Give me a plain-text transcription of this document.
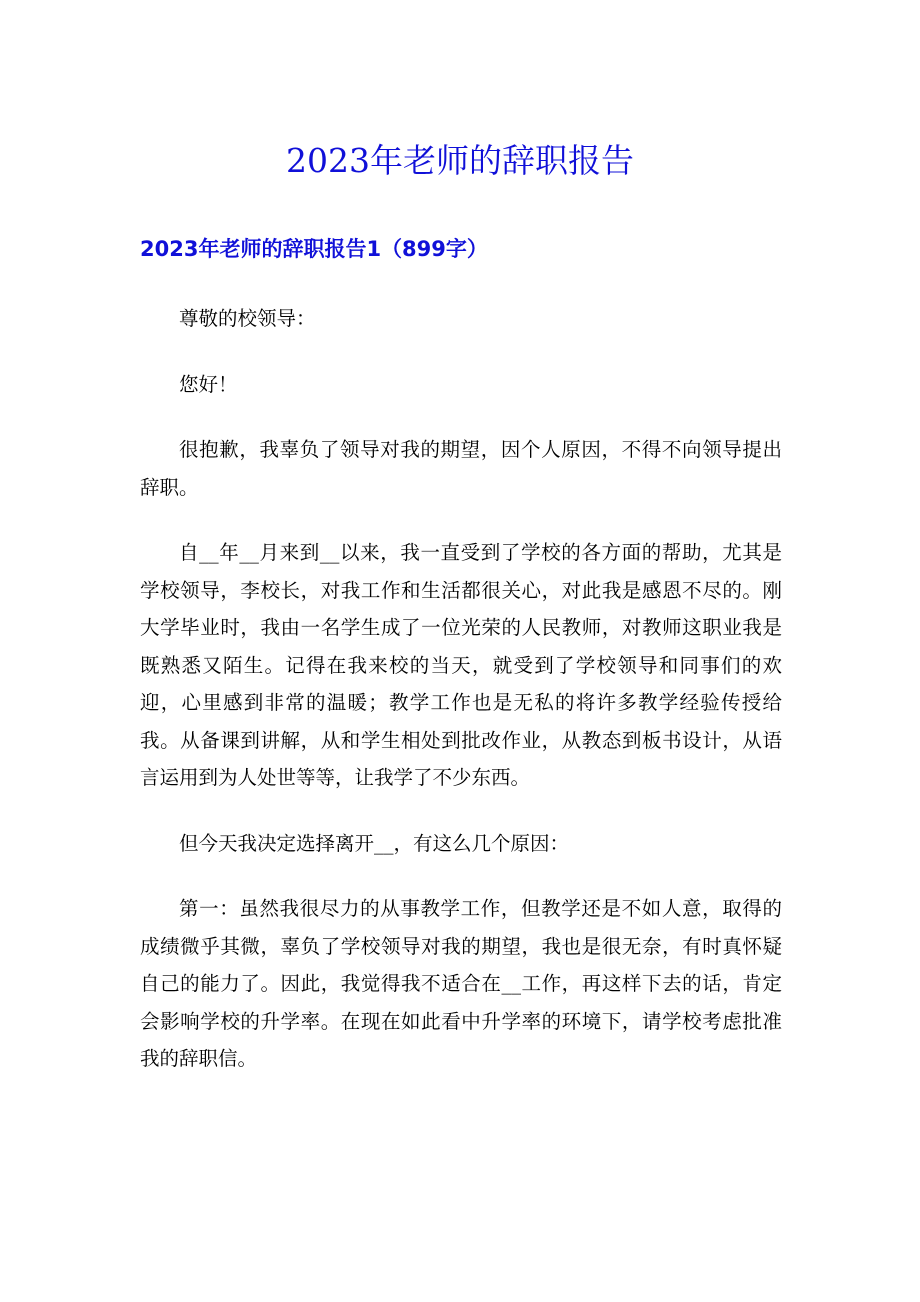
2023年老师的辞职报告
2023年老师的辞职报告1（899字）

尊敬的校领导：

您好！

很抱歉，我辜负了领导对我的期望，因个人原因，不得不向领导提出辞职。

自__年__月来到__以来，我一直受到了学校的各方面的帮助，尤其是学校领导，李校长，对我工作和生活都很关心，对此我是感恩不尽的。刚大学毕业时，我由一名学生成了一位光荣的人民教师，对教师这职业我是既熟悉又陌生。记得在我来校的当天，就受到了学校领导和同事们的欢迎，心里感到非常的温暖；教学工作也是无私的将许多教学经验传授给我。从备课到讲解，从和学生相处到批改作业，从教态到板书设计，从语言运用到为人处世等等，让我学了不少东西。

但今天我决定选择离开__，有这么几个原因：

第一：虽然我很尽力的从事教学工作，但教学还是不如人意，取得的成绩微乎其微，辜负了学校领导对我的期望，我也是很无奈，有时真怀疑自己的能力了。因此，我觉得我不适合在__工作，再这样下去的话，肯定会影响学校的升学率。在现在如此看中升学率的环境下，请学校考虑批准我的辞职信。
